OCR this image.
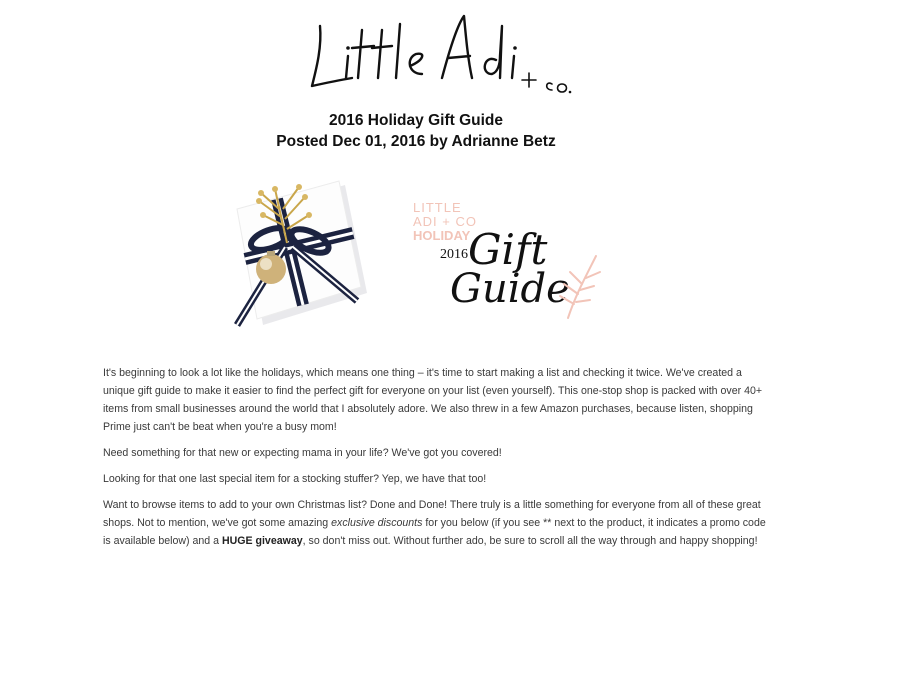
2016 Holiday Gift Guide
Posted Dec 01, 2016 by Adrianne Betz
LITTLE
ADI + CO
HOLIDAY
2016 Gift
Guide

It's beginning to look a lot like the holidays, which means one thing – it's time to start making a list and checking it twice. We've created a unique gift guide to make it easier to find the perfect gift for everyone on your list (even yourself). This one-stop shop is packed with over 40+ items from small businesses around the world that I absolutely adore. We also threw in a few Amazon purchases, because listen, shopping Prime just can't be beat when you're a busy mom!

Need something for that new or expecting mama in your life? We've got you covered!

Looking for that one last special item for a stocking stuffer? Yep, we have that too!

Want to browse items to add to your own Christmas list? Done and Done! There truly is a little something for everyone from all of these great shops. Not to mention, we've got some amazing exclusive discounts for you below (if you see ** next to the product, it indicates a promo code is available below) and a HUGE giveaway, so don't miss out. Without further ado, be sure to scroll all the way through and happy shopping!
